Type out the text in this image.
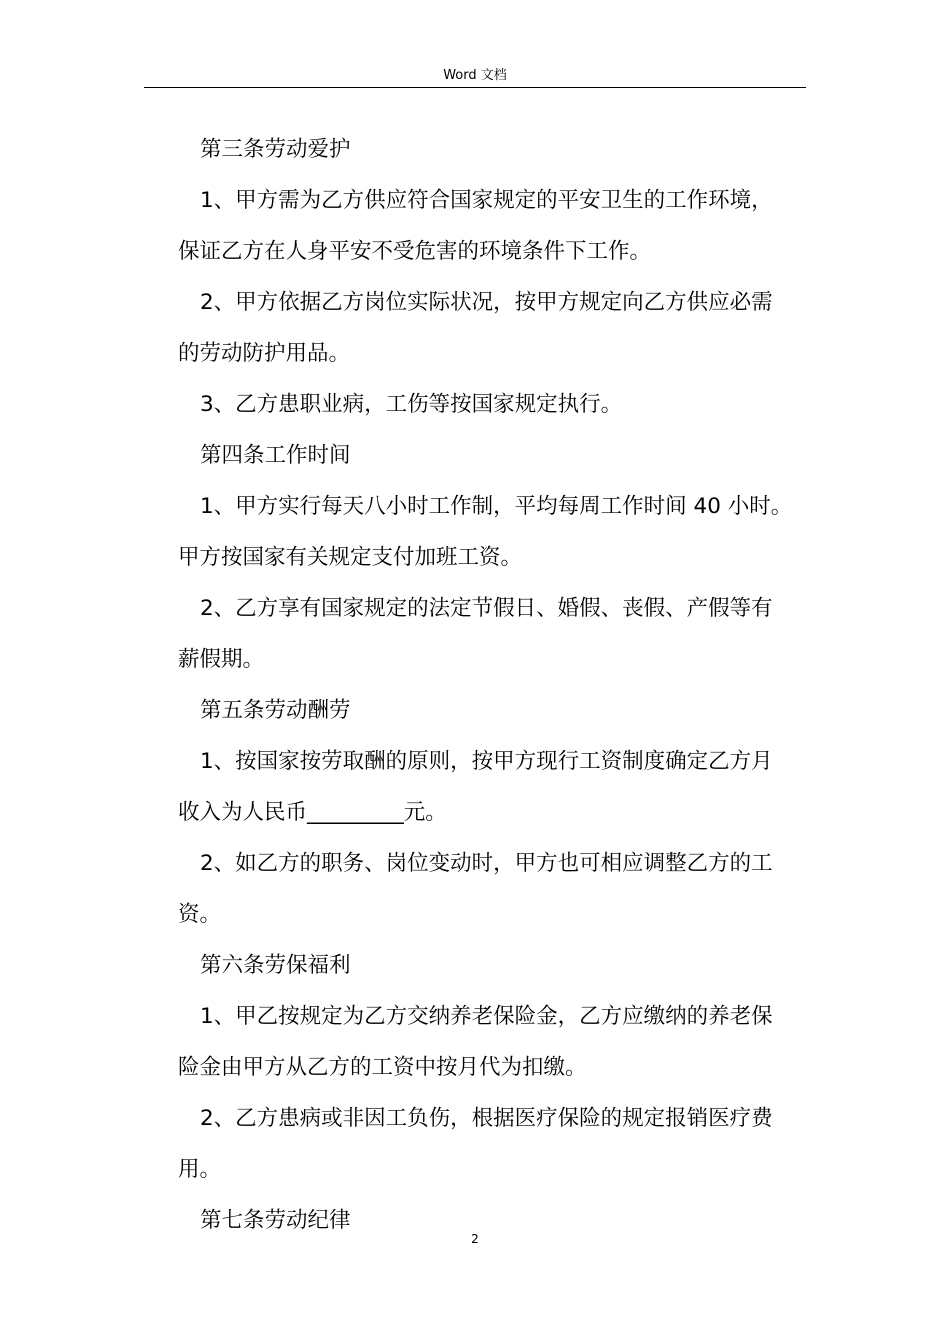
Word 文档
第三条劳动爱护
1、甲方需为乙方供应符合国家规定的平安卫生的工作环境，
保证乙方在人身平安不受危害的环境条件下工作。
2、甲方依据乙方岗位实际状况，按甲方规定向乙方供应必需
的劳动防护用品。
3、乙方患职业病，工伤等按国家规定执行。
第四条工作时间
1、甲方实行每天八小时工作制，平均每周工作时间 40 小时。
甲方按国家有关规定支付加班工资。
2、乙方享有国家规定的法定节假日、婚假、丧假、产假等有
薪假期。
第五条劳动酬劳
1、按国家按劳取酬的原则，按甲方现行工资制度确定乙方月
收入为人民币_________元。
2、如乙方的职务、岗位变动时，甲方也可相应调整乙方的工
资。
第六条劳保福利
1、甲乙按规定为乙方交纳养老保险金，乙方应缴纳的养老保
险金由甲方从乙方的工资中按月代为扣缴。
2、乙方患病或非因工负伤，根据医疗保险的规定报销医疗费
用。
第七条劳动纪律
2
